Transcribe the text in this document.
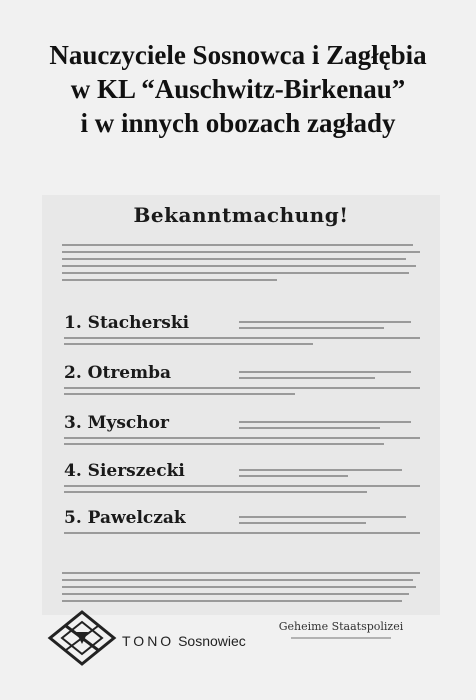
Nauczyciele Sosnowca i Zagłębia
w KL “Auschwitz-Birkenau”
i w innych obozach zagłady
Bekanntmachung!
1. Stacherski
2. Otremba
3. Myschor
4. Sierszecki
5. Pawelczak
Geheime Staatspolizei
TONO Sosnowiec
